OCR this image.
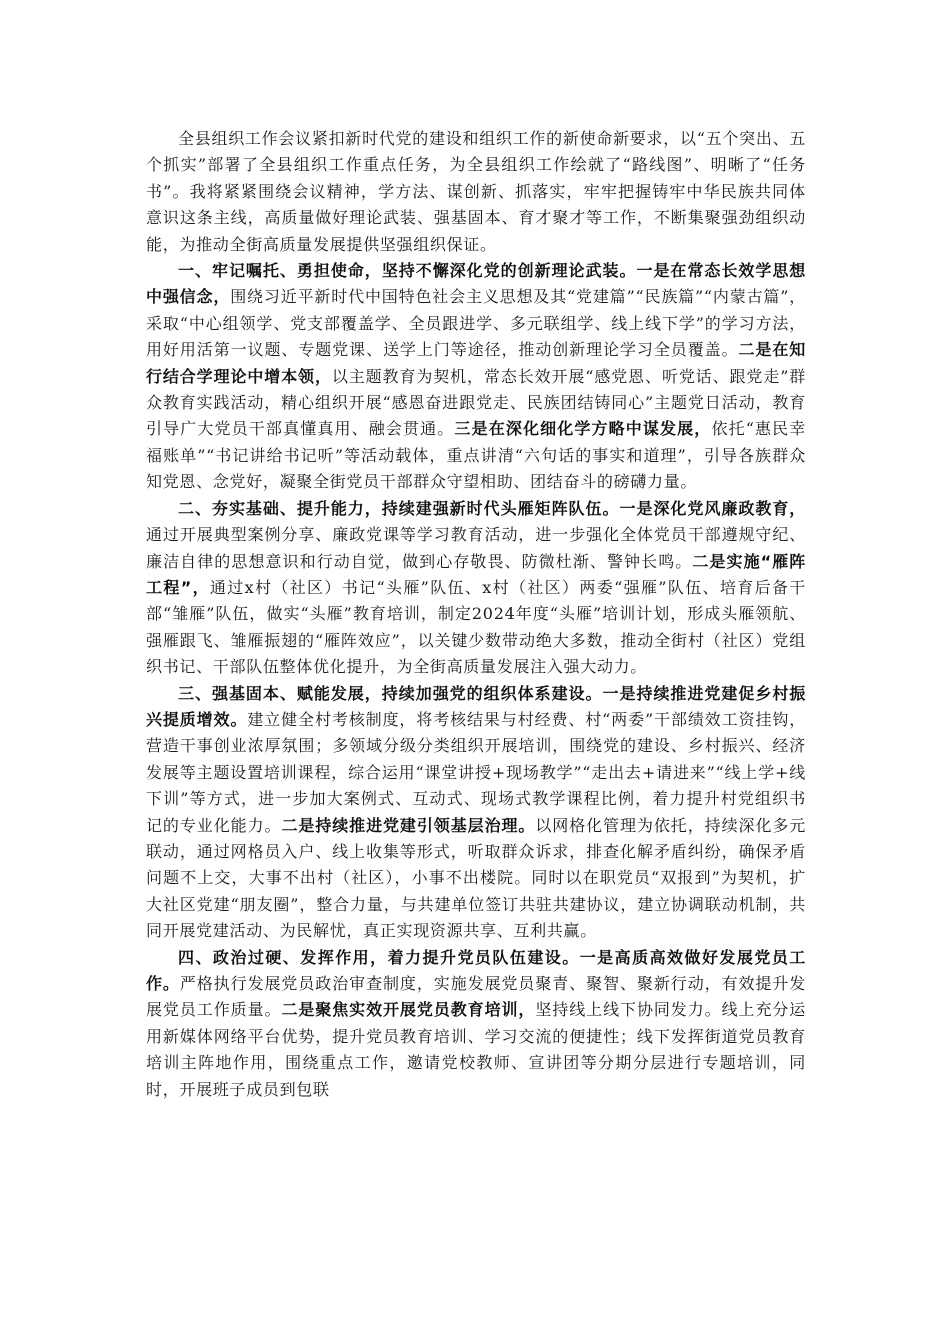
全县组织工作会议紧扣新时代党的建设和组织工作的新使命新要求，以“五个突出、五个抓实”部署了全县组织工作重点任务，为全县组织工作绘就了“路线图”、明晰了“任务书”。我将紧紧围绕会议精神，学方法、谋创新、抓落实，牢牢把握铸牢中华民族共同体意识这条主线，高质量做好理论武装、强基固本、育才聚才等工作，不断集聚强劲组织动能，为推动全街高质量发展提供坚强组织保证。

一、牢记嘱托、勇担使命，坚持不懈深化党的创新理论武装。一是在常态长效学思想中强信念，围绕习近平新时代中国特色社会主义思想及其“党建篇”“民族篇”“内蒙古篇”，采取“中心组领学、党支部覆盖学、全员跟进学、多元联组学、线上线下学”的学习方法，用好用活第一议题、专题党课、送学上门等途径，推动创新理论学习全员覆盖。二是在知行结合学理论中增本领，以主题教育为契机，常态长效开展“感党恩、听党话、跟党走”群众教育实践活动，精心组织开展“感恩奋进跟党走、民族团结铸同心”主题党日活动，教育引导广大党员干部真懂真用、融会贯通。三是在深化细化学方略中谋发展，依托“惠民幸福账单”“书记讲给书记听”等活动载体，重点讲清“六句话的事实和道理”，引导各族群众知党恩、念党好，凝聚全街党员干部群众守望相助、团结奋斗的磅礴力量。

二、夯实基础、提升能力，持续建强新时代头雁矩阵队伍。一是深化党风廉政教育，通过开展典型案例分享、廉政党课等学习教育活动，进一步强化全体党员干部遵规守纪、廉洁自律的思想意识和行动自觉，做到心存敬畏、防微杜渐、警钟长鸣。二是实施“雁阵工程”，通过x村（社区）书记“头雁”队伍、x村（社区）两委“强雁”队伍、培育后备干部“雏雁”队伍，做实“头雁”教育培训，制定2024年度“头雁”培训计划，形成头雁领航、强雁跟飞、雏雁振翅的“雁阵效应”，以关键少数带动绝大多数，推动全街村（社区）党组织书记、干部队伍整体优化提升，为全街高质量发展注入强大动力。

三、强基固本、赋能发展，持续加强党的组织体系建设。一是持续推进党建促乡村振兴提质增效。建立健全村考核制度，将考核结果与村经费、村“两委”干部绩效工资挂钩，营造干事创业浓厚氛围；多领域分级分类组织开展培训，围绕党的建设、乡村振兴、经济发展等主题设置培训课程，综合运用“课堂讲授+现场教学”“走出去+请进来”“线上学+线下训”等方式，进一步加大案例式、互动式、现场式教学课程比例，着力提升村党组织书记的专业化能力。二是持续推进党建引领基层治理。以网格化管理为依托，持续深化多元联动，通过网格员入户、线上收集等形式，听取群众诉求，排查化解矛盾纠纷，确保矛盾问题不上交，大事不出村（社区），小事不出楼院。同时以在职党员“双报到”为契机，扩大社区党建“朋友圈”，整合力量，与共建单位签订共驻共建协议，建立协调联动机制，共同开展党建活动、为民解忧，真正实现资源共享、互利共赢。

四、政治过硬、发挥作用，着力提升党员队伍建设。一是高质高效做好发展党员工作。严格执行发展党员政治审查制度，实施发展党员聚青、聚智、聚新行动，有效提升发展党员工作质量。二是聚焦实效开展党员教育培训，坚持线上线下协同发力。线上充分运用新媒体网络平台优势，提升党员教育培训、学习交流的便捷性；线下发挥街道党员教育培训主阵地作用，围绕重点工作，邀请党校教师、宣讲团等分期分层进行专题培训，同时，开展班子成员到包联
